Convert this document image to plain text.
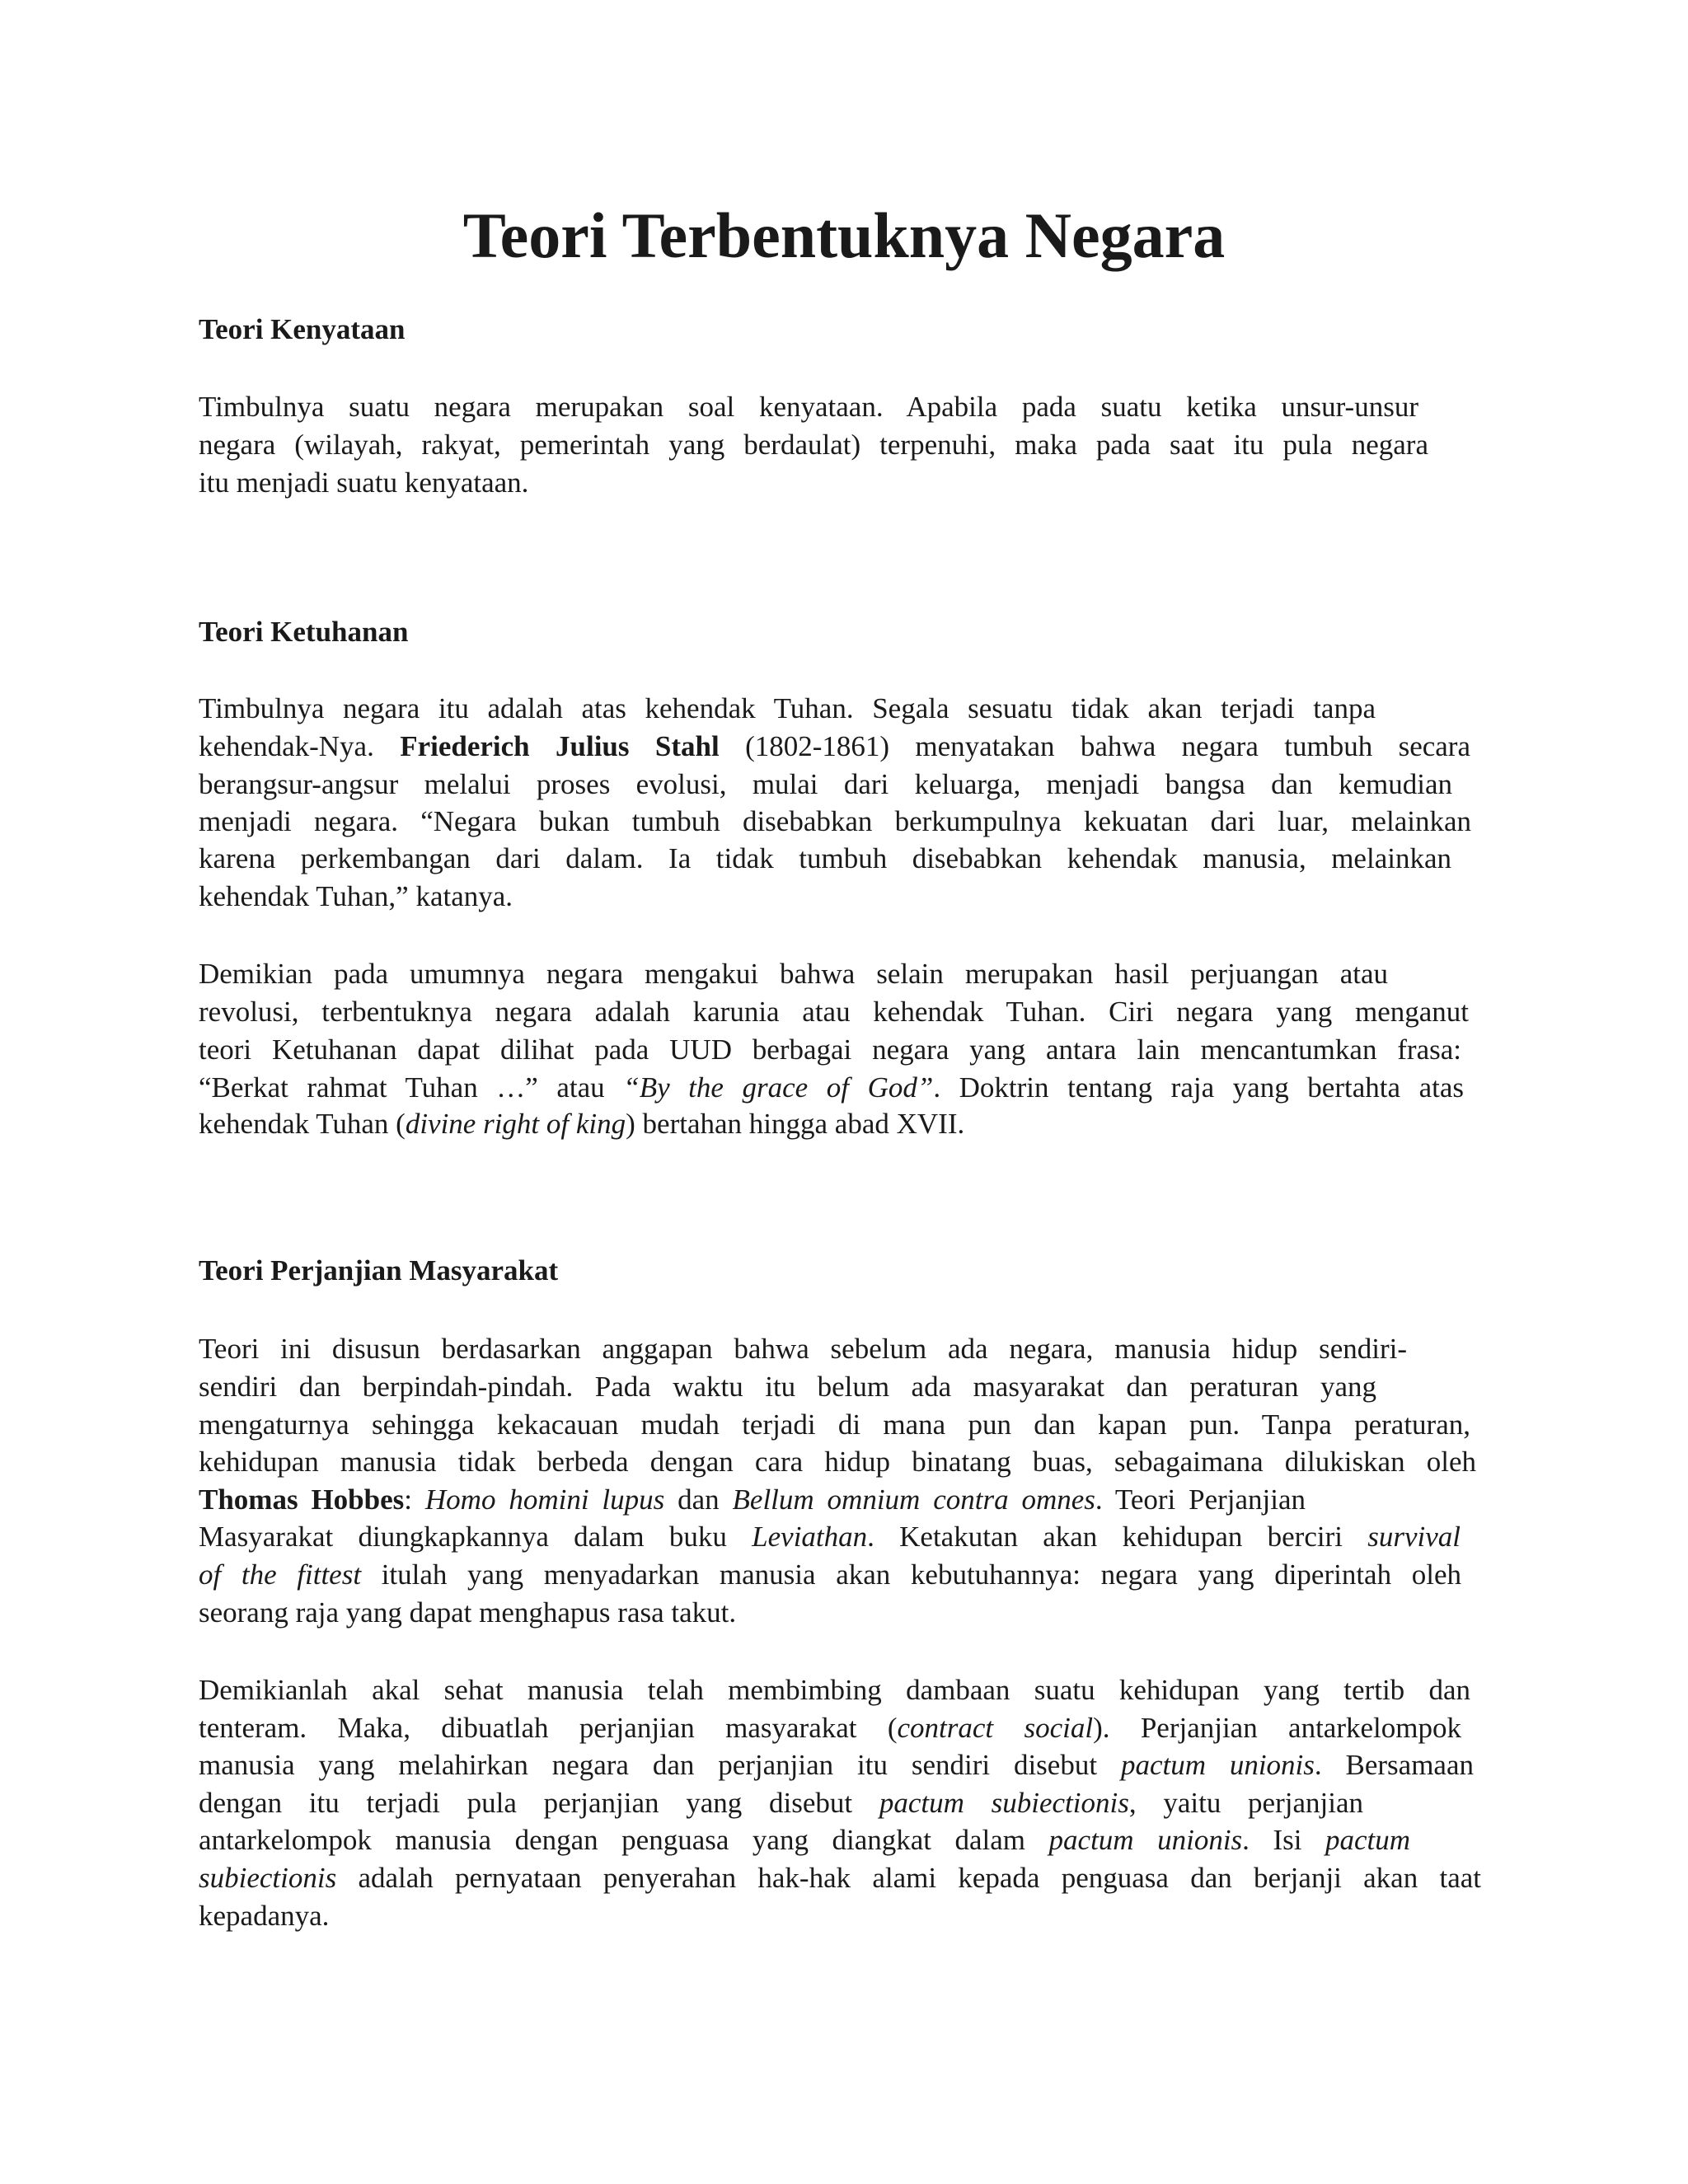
Teori Terbentuknya Negara
Teori Kenyataan

Timbulnya suatu negara merupakan soal kenyataan. Apabila pada suatu ketika unsur-unsur

negara (wilayah, rakyat, pemerintah yang berdaulat) terpenuhi, maka pada saat itu pula negara

itu menjadi suatu kenyataan.

Teori Ketuhanan

Timbulnya negara itu adalah atas kehendak Tuhan. Segala sesuatu tidak akan terjadi tanpa

kehendak-Nya. Friederich Julius Stahl (1802-1861) menyatakan bahwa negara tumbuh secara

berangsur-angsur melalui proses evolusi, mulai dari keluarga, menjadi bangsa dan kemudian

menjadi negara. “Negara bukan tumbuh disebabkan berkumpulnya kekuatan dari luar, melainkan

karena perkembangan dari dalam. Ia tidak tumbuh disebabkan kehendak manusia, melainkan

kehendak Tuhan,” katanya.

Demikian pada umumnya negara mengakui bahwa selain merupakan hasil perjuangan atau

revolusi, terbentuknya negara adalah karunia atau kehendak Tuhan. Ciri negara yang menganut

teori Ketuhanan dapat dilihat pada UUD berbagai negara yang antara lain mencantumkan frasa:

“Berkat rahmat Tuhan …” atau “By the grace of God”. Doktrin tentang raja yang bertahta atas

kehendak Tuhan (divine right of king) bertahan hingga abad XVII.

Teori Perjanjian Masyarakat

Teori ini disusun berdasarkan anggapan bahwa sebelum ada negara, manusia hidup sendiri-

sendiri dan berpindah-pindah. Pada waktu itu belum ada masyarakat dan peraturan yang

mengaturnya sehingga kekacauan mudah terjadi di mana pun dan kapan pun. Tanpa peraturan,

kehidupan manusia tidak berbeda dengan cara hidup binatang buas, sebagaimana dilukiskan oleh

Thomas Hobbes: Homo homini lupus dan Bellum omnium contra omnes. Teori Perjanjian

Masyarakat diungkapkannya dalam buku Leviathan. Ketakutan akan kehidupan berciri survival

of the fittest itulah yang menyadarkan manusia akan kebutuhannya: negara yang diperintah oleh

seorang raja yang dapat menghapus rasa takut.

Demikianlah akal sehat manusia telah membimbing dambaan suatu kehidupan yang tertib dan

tenteram. Maka, dibuatlah perjanjian masyarakat (contract social). Perjanjian antarkelompok

manusia yang melahirkan negara dan perjanjian itu sendiri disebut pactum unionis. Bersamaan

dengan itu terjadi pula perjanjian yang disebut pactum subiectionis, yaitu perjanjian

antarkelompok manusia dengan penguasa yang diangkat dalam pactum unionis. Isi pactum

subiectionis adalah pernyataan penyerahan hak-hak alami kepada penguasa dan berjanji akan taat

kepadanya.
